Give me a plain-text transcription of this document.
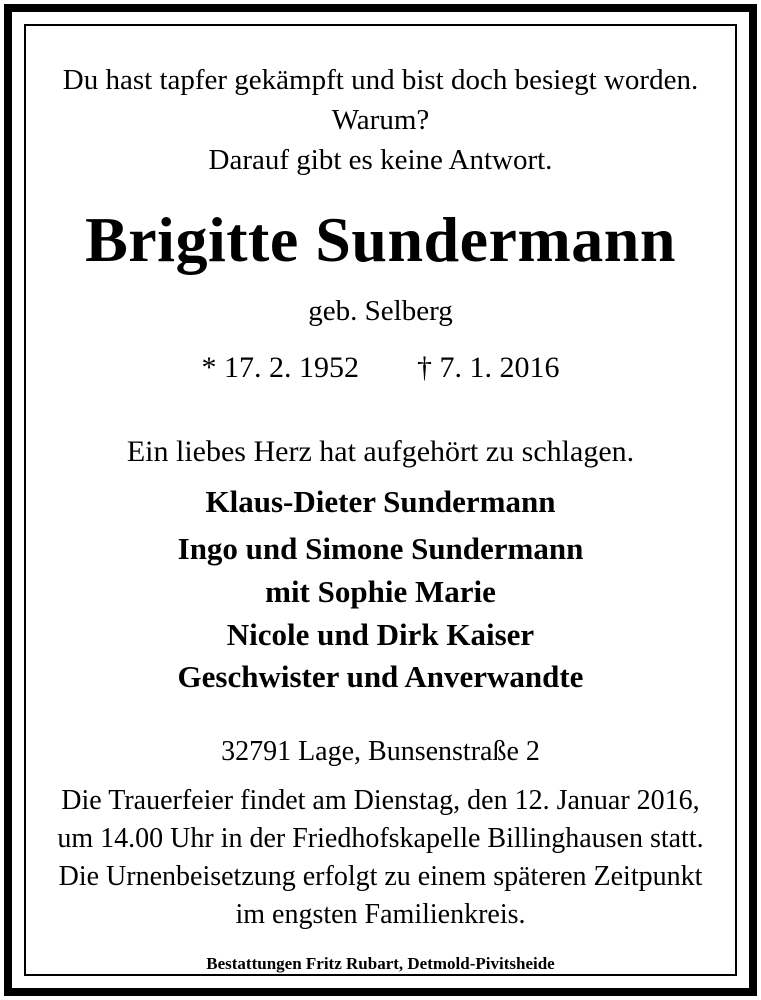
Du hast tapfer gekämpft und bist doch besiegt worden.
Warum?
Darauf gibt es keine Antwort.
Brigitte Sundermann
geb. Selberg
* 17. 2. 1952 † 7. 1. 2016
Ein liebes Herz hat aufgehört zu schlagen.
Klaus-Dieter Sundermann
Ingo und Simone Sundermann
mit Sophie Marie
Nicole und Dirk Kaiser
Geschwister und Anverwandte
32791 Lage, Bunsenstraße 2
Die Trauerfeier findet am Dienstag, den 12. Januar 2016,
um 14.00 Uhr in der Friedhofskapelle Billinghausen statt.
Die Urnenbeisetzung erfolgt zu einem späteren Zeitpunkt
im engsten Familienkreis.
Bestattungen Fritz Rubart, Detmold-Pivitsheide
